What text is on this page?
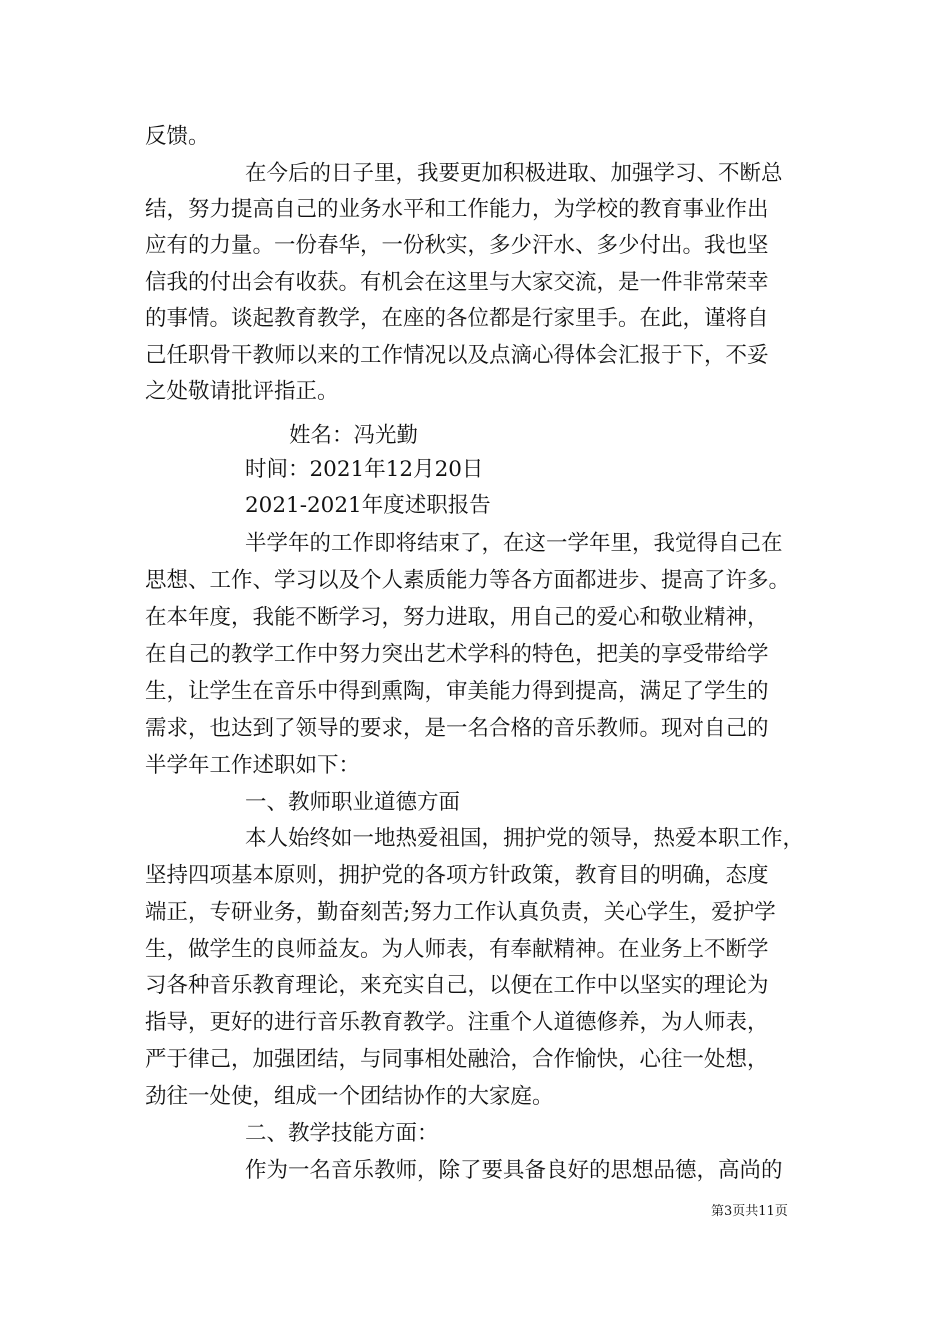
反馈。
在今后的日子里，我要更加积极进取、加强学习、不断总
结，努力提高自己的业务水平和工作能力，为学校的教育事业作出
应有的力量。一份春华，一份秋实，多少汗水、多少付出。我也坚
信我的付出会有收获。有机会在这里与大家交流，是一件非常荣幸
的事情。谈起教育教学，在座的各位都是行家里手。在此，谨将自
己任职骨干教师以来的工作情况以及点滴心得体会汇报于下，不妥
之处敬请批评指正。
姓名：冯光勤
时间：2021年12月20日
2021-2021年度述职报告
半学年的工作即将结束了，在这一学年里，我觉得自己在
思想、工作、学习以及个人素质能力等各方面都进步、提高了许多。
在本年度，我能不断学习，努力进取，用自己的爱心和敬业精神，
在自己的教学工作中努力突出艺术学科的特色，把美的享受带给学
生，让学生在音乐中得到熏陶，审美能力得到提高，满足了学生的
需求，也达到了领导的要求，是一名合格的音乐教师。现对自己的
半学年工作述职如下：
一、教师职业道德方面
本人始终如一地热爱祖国，拥护党的领导，热爱本职工作，
坚持四项基本原则，拥护党的各项方针政策，教育目的明确，态度
端正，专研业务，勤奋刻苦;努力工作认真负责，关心学生，爱护学
生，做学生的良师益友。为人师表，有奉献精神。在业务上不断学
习各种音乐教育理论，来充实自己，以便在工作中以坚实的理论为
指导，更好的进行音乐教育教学。注重个人道德修养，为人师表，
严于律己，加强团结，与同事相处融洽，合作愉快，心往一处想，
劲往一处使，组成一个团结协作的大家庭。
二、教学技能方面：
作为一名音乐教师，除了要具备良好的思想品德，高尚的
第3页共11页
